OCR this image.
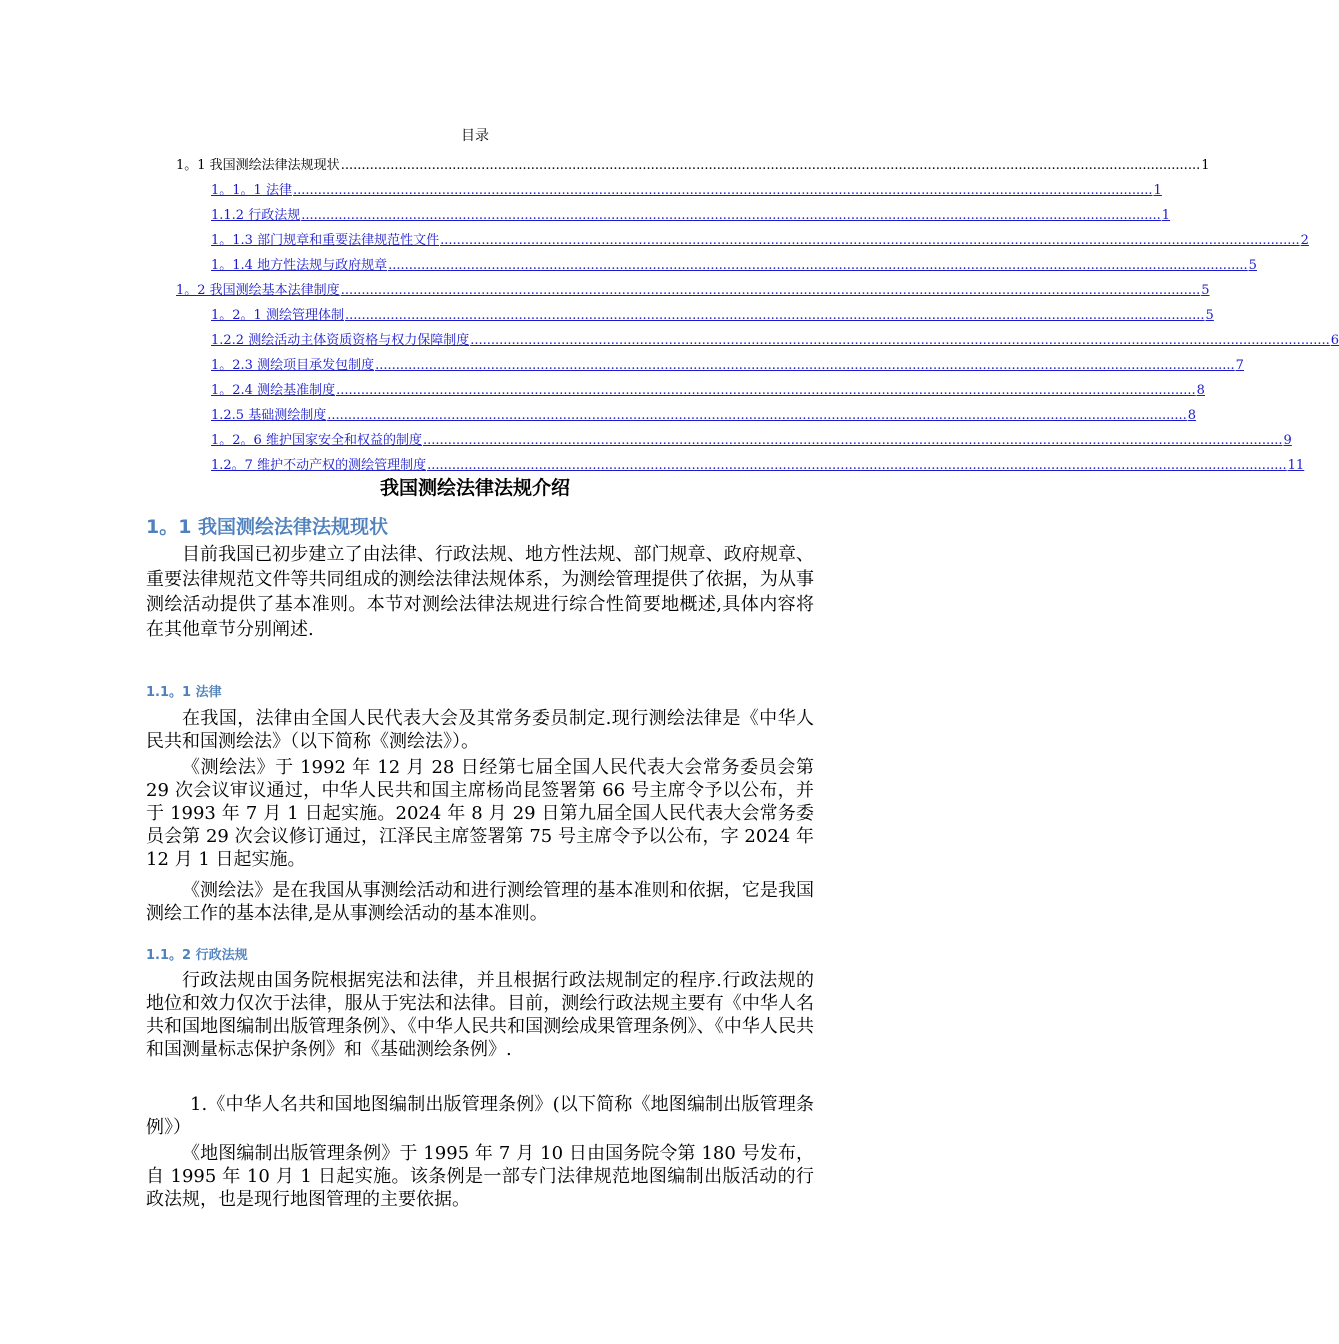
目录
1。1 我国测绘法律法规现状 ................................................................................................................................................................................................................ 1
1。1。1 法律 ................................................................................................................................................................................................................ 1
1.1.2 行政法规 ................................................................................................................................................................................................................ 1
1。1.3 部门规章和重要法律规范性文件 ................................................................................................................................................................................................................ 2
1。1.4 地方性法规与政府规章 ................................................................................................................................................................................................................ 5
1。2 我国测绘基本法律制度 ................................................................................................................................................................................................................ 5
1。2。1 测绘管理体制 ................................................................................................................................................................................................................ 5
1.2.2 测绘活动主体资质资格与权力保障制度 ................................................................................................................................................................................................................ 6
1。2.3 测绘项目承发包制度 ................................................................................................................................................................................................................ 7
1。2.4 测绘基准制度 ................................................................................................................................................................................................................ 8
1.2.5 基础测绘制度 ................................................................................................................................................................................................................ 8
1。2。6 维护国家安全和权益的制度 ................................................................................................................................................................................................................ 9
1.2。7 维护不动产权的测绘管理制度 ................................................................................................................................................................................................................ 11
我国测绘法律法规介绍
1。1 我国测绘法律法规现状
目前我国已初步建立了由法律、行政法规、地方性法规、部门规章、政府规章、重要法律规范文件等共同组成的测绘法律法规体系，为测绘管理提供了依据，为从事测绘活动提供了基本准则。本节对测绘法律法规进行综合性简要地概述,具体内容将在其他章节分别阐述.
1.1。1 法律
在我国，法律由全国人民代表大会及其常务委员制定.现行测绘法律是《中华人民共和国测绘法》（以下简称《测绘法》）。
《测绘法》于 1992 年 12 月 28 日经第七届全国人民代表大会常务委员会第 29 次会议审议通过，中华人民共和国主席杨尚昆签署第 66 号主席令予以公布，并于 1993 年 7 月 1 日起实施。2024 年 8 月 29 日第九届全国人民代表大会常务委员会第 29 次会议修订通过，江泽民主席签署第 75 号主席令予以公布，字 2024 年 12 月 1 日起实施。
《测绘法》是在我国从事测绘活动和进行测绘管理的基本准则和依据，它是我国测绘工作的基本法律,是从事测绘活动的基本准则。
1.1。2 行政法规
行政法规由国务院根据宪法和法律，并且根据行政法规制定的程序.行政法规的地位和效力仅次于法律，服从于宪法和法律。目前，测绘行政法规主要有《中华人名共和国地图编制出版管理条例》、《中华人民共和国测绘成果管理条例》、《中华人民共和国测量标志保护条例》和《基础测绘条例》.
1.《中华人名共和国地图编制出版管理条例》(以下简称《地图编制出版管理条例》）
《地图编制出版管理条例》于 1995 年 7 月 10 日由国务院令第 180 号发布，自 1995 年 10 月 1 日起实施。该条例是一部专门法律规范地图编制出版活动的行政法规，也是现行地图管理的主要依据。
